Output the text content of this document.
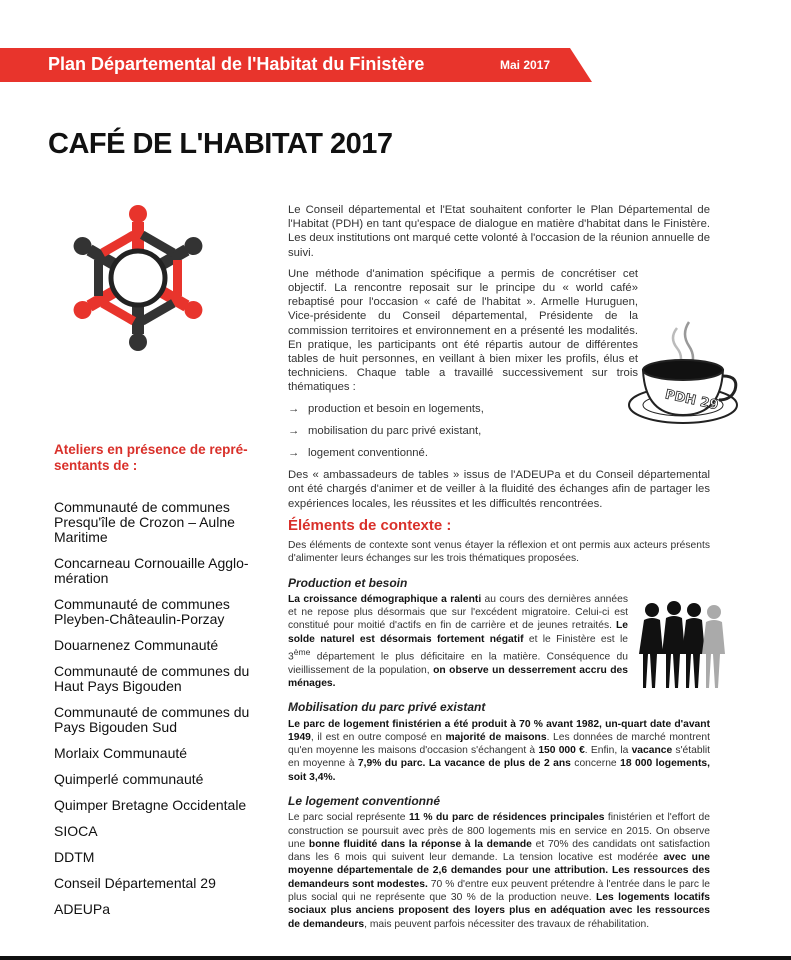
Plan Départemental de l'Habitat du Finistère	Mai 2017
CAFÉ DE L'HABITAT 2017
Ateliers en présence de repré-sentants de :
Communauté de communes Presqu'île de Crozon – Aulne Maritime
Concarneau Cornouaille Agglo-mération
Communauté de communes Pleyben-Châteaulin-Porzay
Douarnenez Communauté
Communauté de communes du Haut Pays Bigouden
Communauté de communes du Pays Bigouden Sud
Morlaix Communauté
Quimperlé communauté
Quimper Bretagne Occidentale
SIOCA
DDTM
Conseil Départemental 29
ADEUPa

Le Conseil départemental et l'Etat souhaitent conforter le Plan Départemental de l'Habitat (PDH) en tant qu'espace de dialogue en matière d'habitat dans le Finistère. Les deux institutions ont marqué cette volonté à l'occasion de la réunion annuelle de suivi.

Une méthode d'animation spécifique a permis de concrétiser cet objectif. La rencontre reposait sur le principe du « world café» rebaptisé pour l'occasion « café de l'habitat ». Armelle Huruguen, Vice-présidente du Conseil départemental, Présidente de la commission territoires et environnement en a présenté les modalités. En pratique, les participants ont été répartis autour de différentes tables de huit personnes, en veillant à bien mixer les profils, élus et techniciens. Chaque table a travaillé successivement sur trois thématiques :

→ production et besoin en logements,
→ mobilisation du parc privé existant,
→ logement conventionné.

Des « ambassadeurs de tables » issus de l'ADEUPa et du Conseil départemental ont été chargés d'animer et de veiller à la fluidité des échanges afin de partager les expériences locales, les réussites et les difficultés rencontrées.

Éléments de contexte :

Des éléments de contexte sont venus étayer la réflexion et ont permis aux acteurs présents d'alimenter leurs échanges sur les trois thématiques proposées.

Production et besoin

La croissance démographique a ralenti au cours des dernières années et ne repose plus désormais que sur l'excédent migratoire. Celui-ci est constitué pour moitié d'actifs en fin de carrière et de jeunes retraités. Le solde naturel est désormais fortement négatif et le Finistère est le 3ème département le plus déficitaire en la matière. Conséquence du vieillissement de la population, on observe un desserrement accru des ménages.

Mobilisation du parc privé existant

Le parc de logement finistérien a été produit à 70 % avant 1982, un-quart date d'avant 1949, il est en outre composé en majorité de maisons. Les données de marché montrent qu'en moyenne les maisons d'occasion s'échangent à 150 000 €. Enfin, la vacance s'établit en moyenne à 7,9% du parc. La vacance de plus de 2 ans concerne 18 000 logements, soit 3,4%.

Le logement conventionné

Le parc social représente 11 % du parc de résidences principales finistérien et l'effort de construction se poursuit avec près de 800 logements mis en service en 2015. On observe une bonne fluidité dans la réponse à la demande et 70% des candidats ont satisfaction dans les 6 mois qui suivent leur demande. La tension locative est modérée avec une moyenne départementale de 2,6 demandes pour une attribution. Les ressources des demandeurs sont modestes. 70 % d'entre eux peuvent prétendre à l'entrée dans le parc le plus social qui ne représente que 30 % de la production neuve. Les logements locatifs sociaux plus anciens proposent des loyers plus en adéquation avec les ressources de demandeurs, mais peuvent parfois nécessiter des travaux de réhabilitation.

PDH 29
